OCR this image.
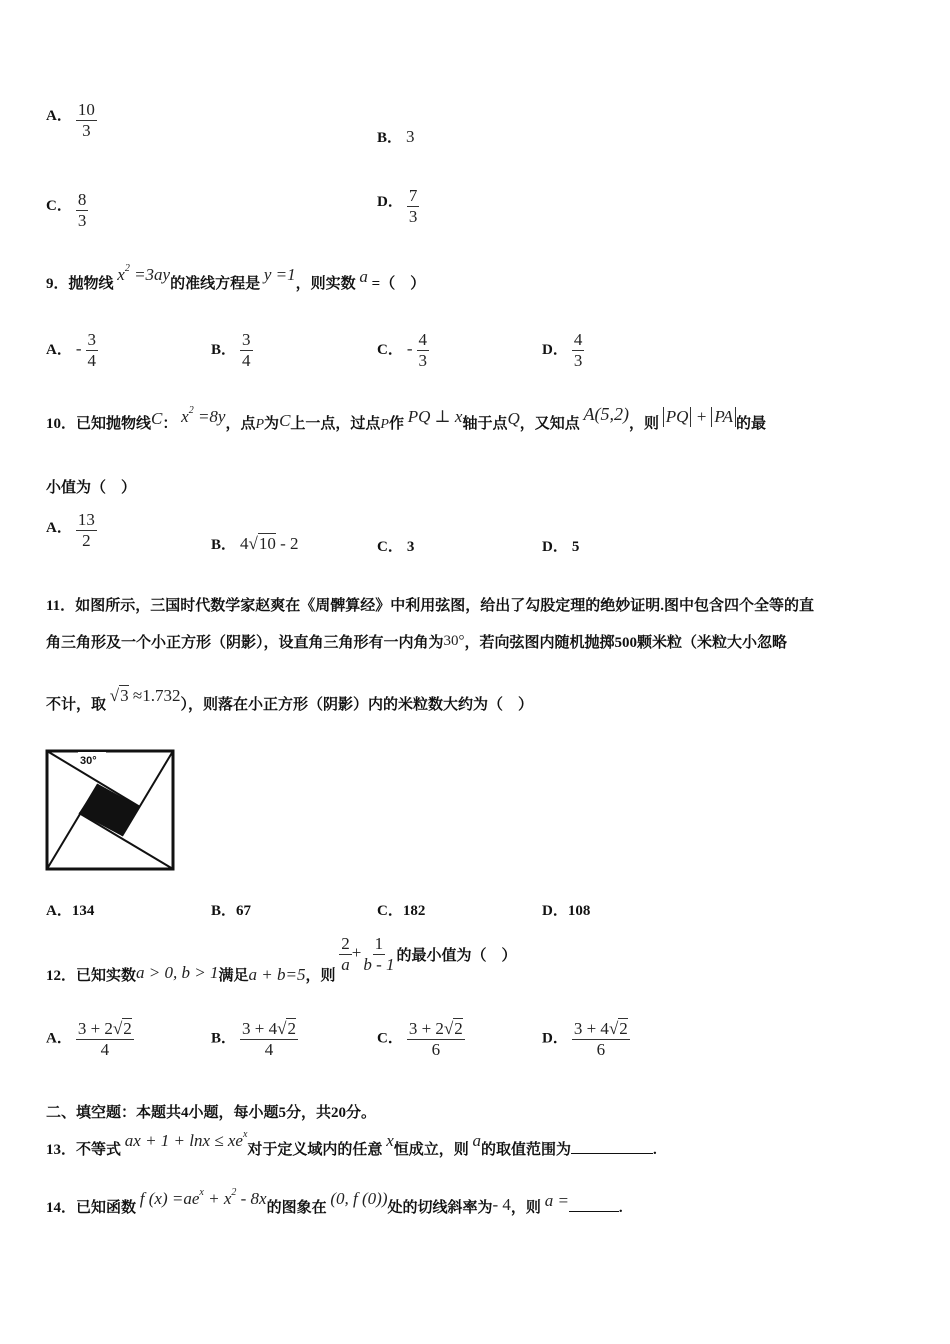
A． $\frac{10}{3}$	B． 3
C． $\frac{8}{3}$	D． $\frac{7}{3}$
9．抛物线 $x^2 =3ay$的准线方程是 y =1，则实数 a =（　）
A． - $\frac{3}{4}$	B． $\frac{3}{4}$	C． - $\frac{4}{3}$	D． $\frac{4}{3}$
10．已知抛物线C： $x^2 =8y$，点P为C上一点，过点P作 PQ ⊥ x轴于点Q，又知点 A(5,2)，则 PQ + PA 的最
小值为（　）
A． $\frac{13}{2}$	B． 4√10 - 2	C． 3	D． 5
11．如图所示，三国时代数学家赵爽在《周髀算经》中利用弦图，给出了勾股定理的绝妙证明.图中包含四个全等的直
角三角形及一个小正方形（阴影），设直角三角形有一内角为30°，若向弦图内随机抛掷500颗米粒（米粒大小忽略
不计，取 √3 ≈1.732），则落在小正方形（阴影）内的米粒数大约为（　）
30°
A．134	B．67	C．182	D．108
12．已知实数a > 0, b > 1满足a + b=5，则
$\frac{2}{a} + \frac{1}{b - 1}$ 的最小值为（　）
A． $\frac{3 + 2√2}{4}$	B． $\frac{3 + 4√2}{4}$	C． $\frac{3 + 2√2}{6}$	D． $\frac{3 + 4√2}{6}$
二、填空题：本题共4小题，每小题5分，共20分。
13．不等式 ax + $1 + \ln x \le xe^x$对于定义域内的任意 x恒成立，则 a的取值范围为	.
14．已知函数 f $(x) =ae^x + x^2 - 8x$的图象在 (0, f (0))处的切线斜率为- 4，则 a =	.
